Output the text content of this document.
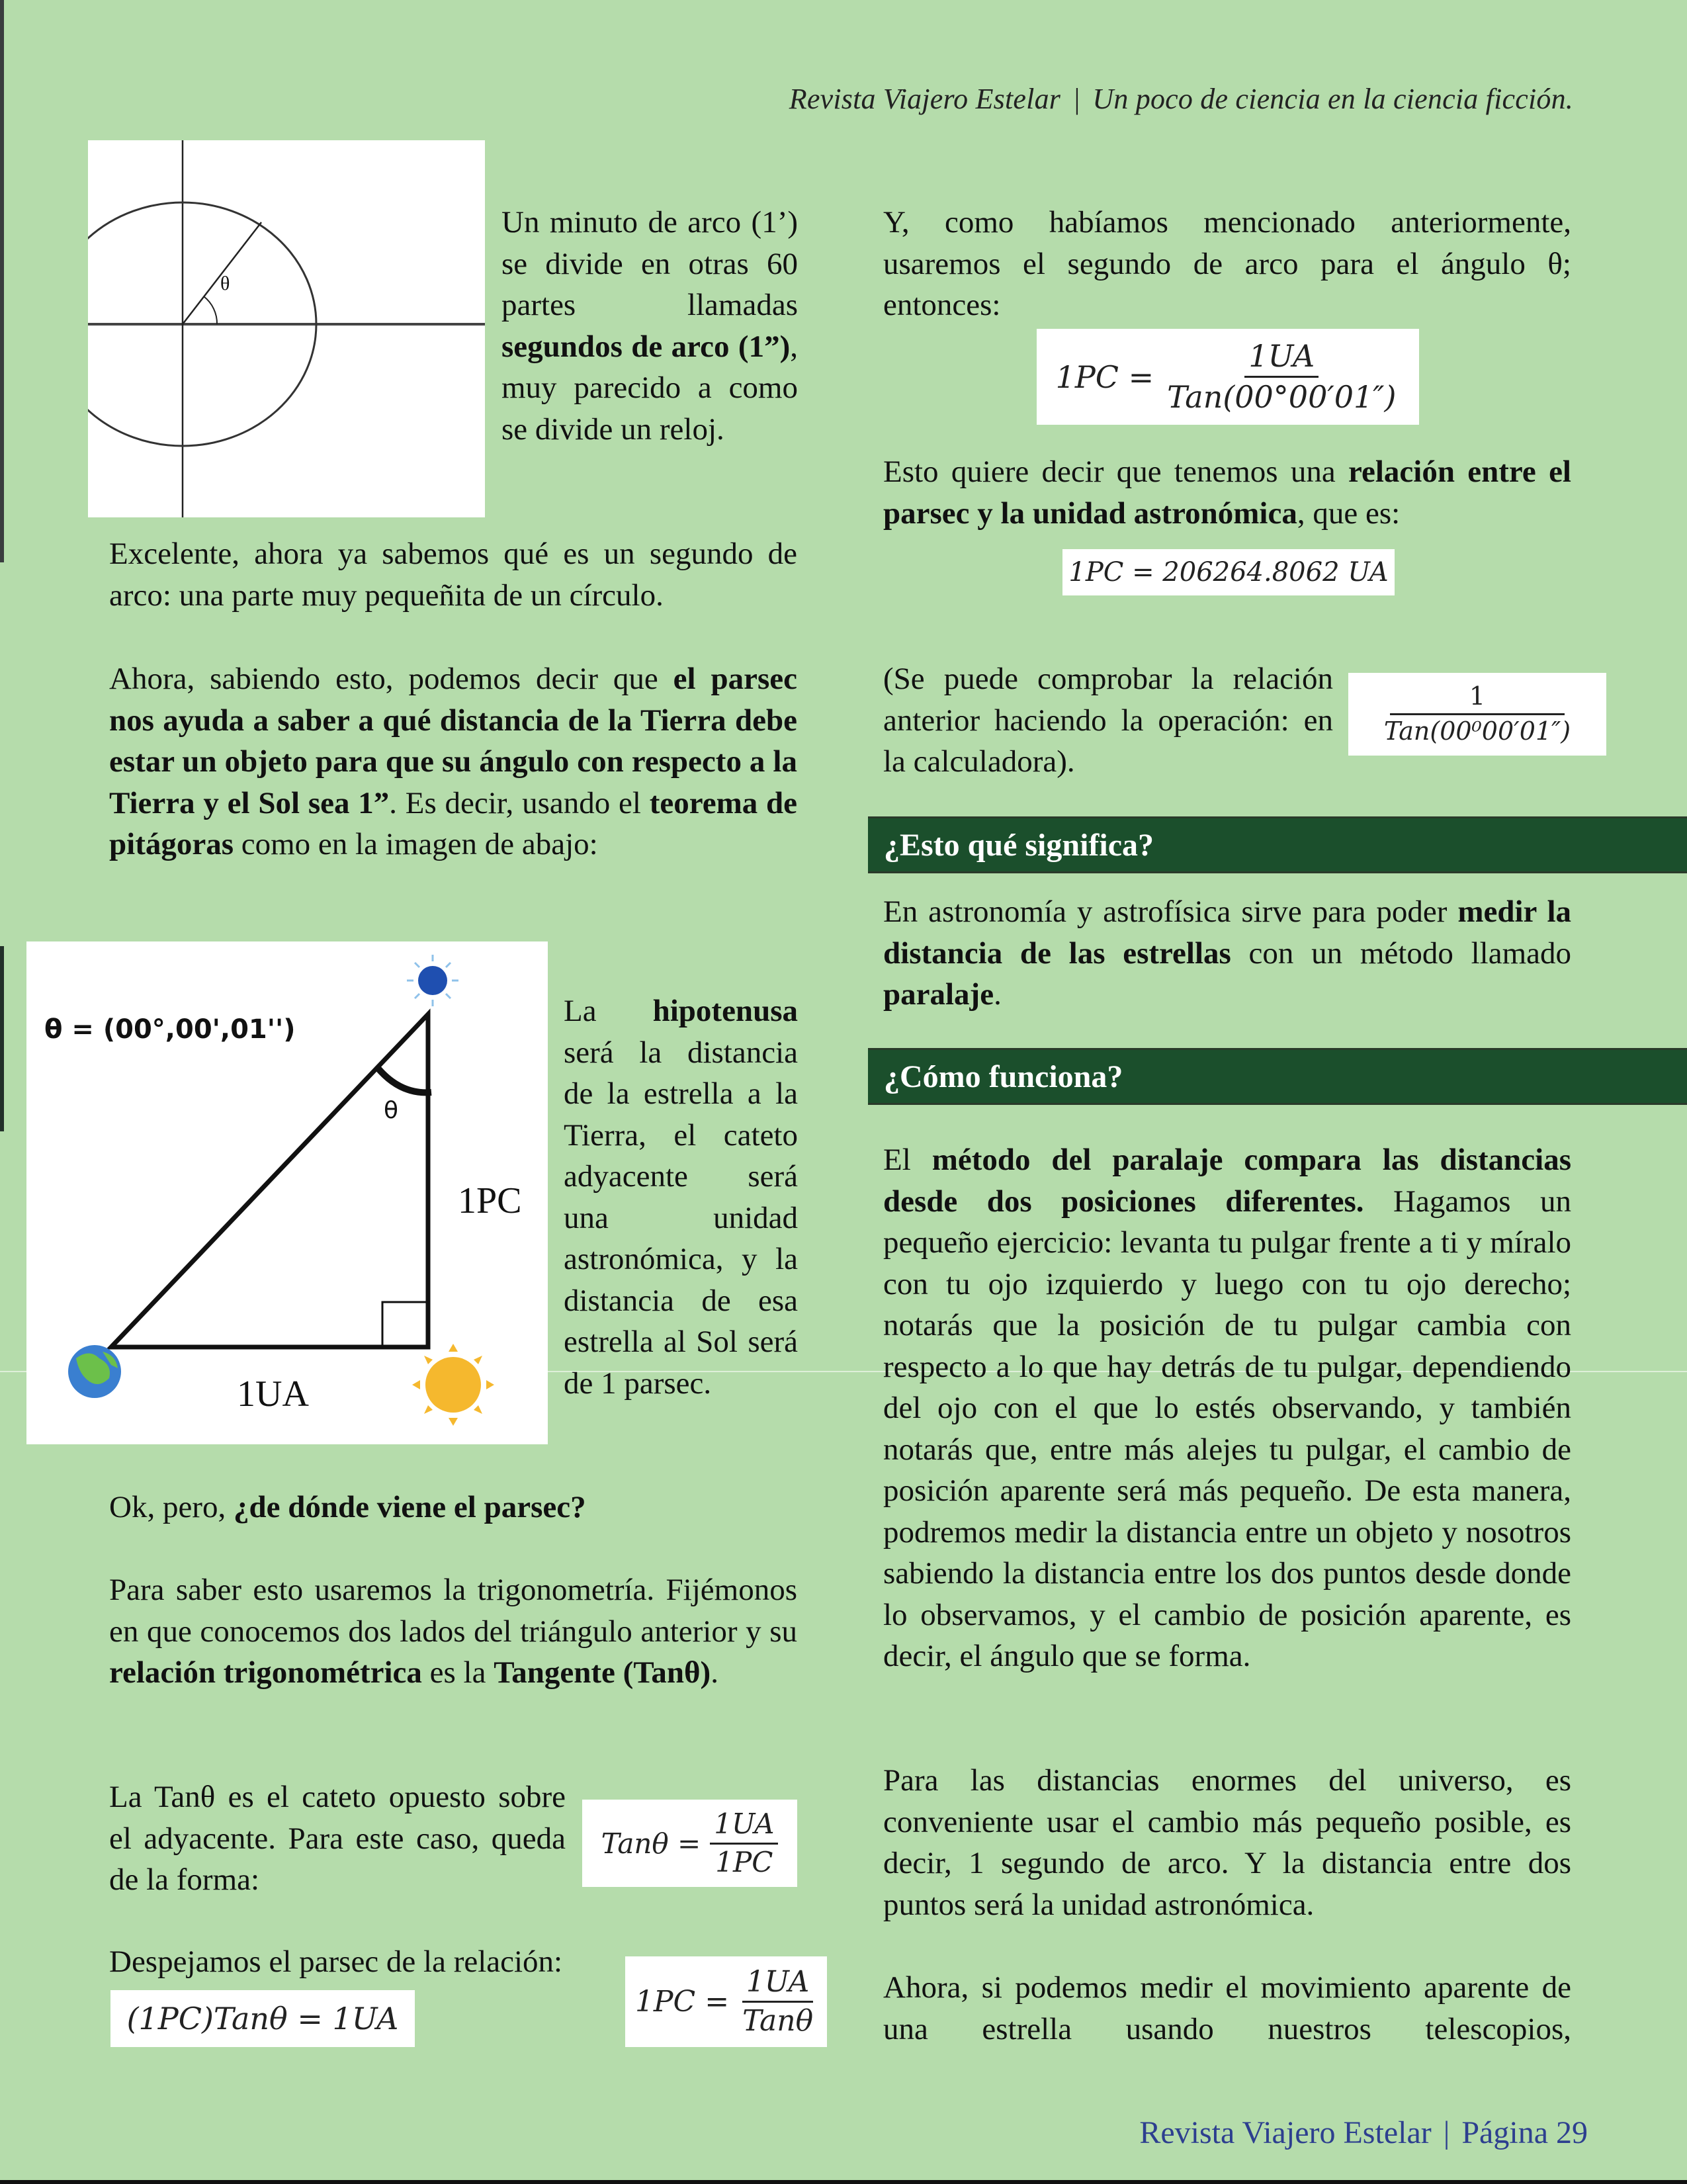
Revista Viajero Estelar | Un poco de ciencia en la ciencia ficción.
θ
Un minuto de arco (1’) se divide en otras 60 partes llamadas segundos de arco (1”), muy parecido a como se divide un reloj.
Excelente, ahora ya sabemos qué es un segundo de arco: una parte muy pequeñita de un círculo.
Ahora, sabiendo esto, podemos decir que el parsec nos ayuda a saber a qué distancia de la Tierra debe estar un objeto para que su ángulo con respecto a la Tierra y el Sol sea 1”. Es decir, usando el teorema de pitágoras como en la imagen de abajo:
θ = (00°,00',01'')
θ
1PC
1UA
La hipotenusa será la distancia de la estrella a la Tierra, el cateto adyacente será una unidad astronómica, y la distancia de esa estrella al Sol será de 1 parsec.
Ok, pero, ¿de dónde viene el parsec?
Para saber esto usaremos la trigonometría. Fijémonos en que conocemos dos lados del triángulo anterior y su relación trigonométrica es la Tangente (Tanθ).
La Tanθ es el cateto opuesto sobre el adyacente. Para este caso, queda de la forma:
$Tan\theta = \frac{1UA}{1PC}$
Despejamos el parsec de la relación:
(1PC)Tanθ = 1UA	$1PC = \frac{1UA}{\text{Tanθ}}$
Y, como habíamos mencionado anteriormente, usaremos el segundo de arco para el ángulo θ; entonces:
$1PC = \frac{1UA}{\text{Tan(00°00′01″)}}$
Esto quiere decir que tenemos una relación entre el parsec y la unidad astronómica, que es:
1PC = 206264.8062 UA
(Se puede comprobar la relación anterior haciendo la operación: en la calculadora).
$\frac{1}{\text{Tan(00⁰00′01″)}}$
¿Esto qué significa?
En astronomía y astrofísica sirve para poder medir la distancia de las estrellas con un método llamado paralaje.
¿Cómo funciona?
El método del paralaje compara las distancias desde dos posiciones diferentes. Hagamos un pequeño ejercicio: levanta tu pulgar frente a ti y míralo con tu ojo izquierdo y luego con tu ojo derecho; notarás que la posición de tu pulgar cambia con respecto a lo que hay detrás de tu pulgar, dependiendo del ojo con el que lo estés observando, y también notarás que, entre más alejes tu pulgar, el cambio de posición aparente será más pequeño. De esta manera, podremos medir la distancia entre un objeto y nosotros sabiendo la distancia entre los dos puntos desde donde lo observamos, y el cambio de posición aparente, es decir, el ángulo que se forma.
Para las distancias enormes del universo, es conveniente usar el cambio más pequeño posible, es decir, 1 segundo de arco. Y la distancia entre dos puntos será la unidad astronómica.
Ahora, si podemos medir el movimiento aparente de una estrella usando nuestros telescopios,
Revista Viajero Estelar | Página 29
